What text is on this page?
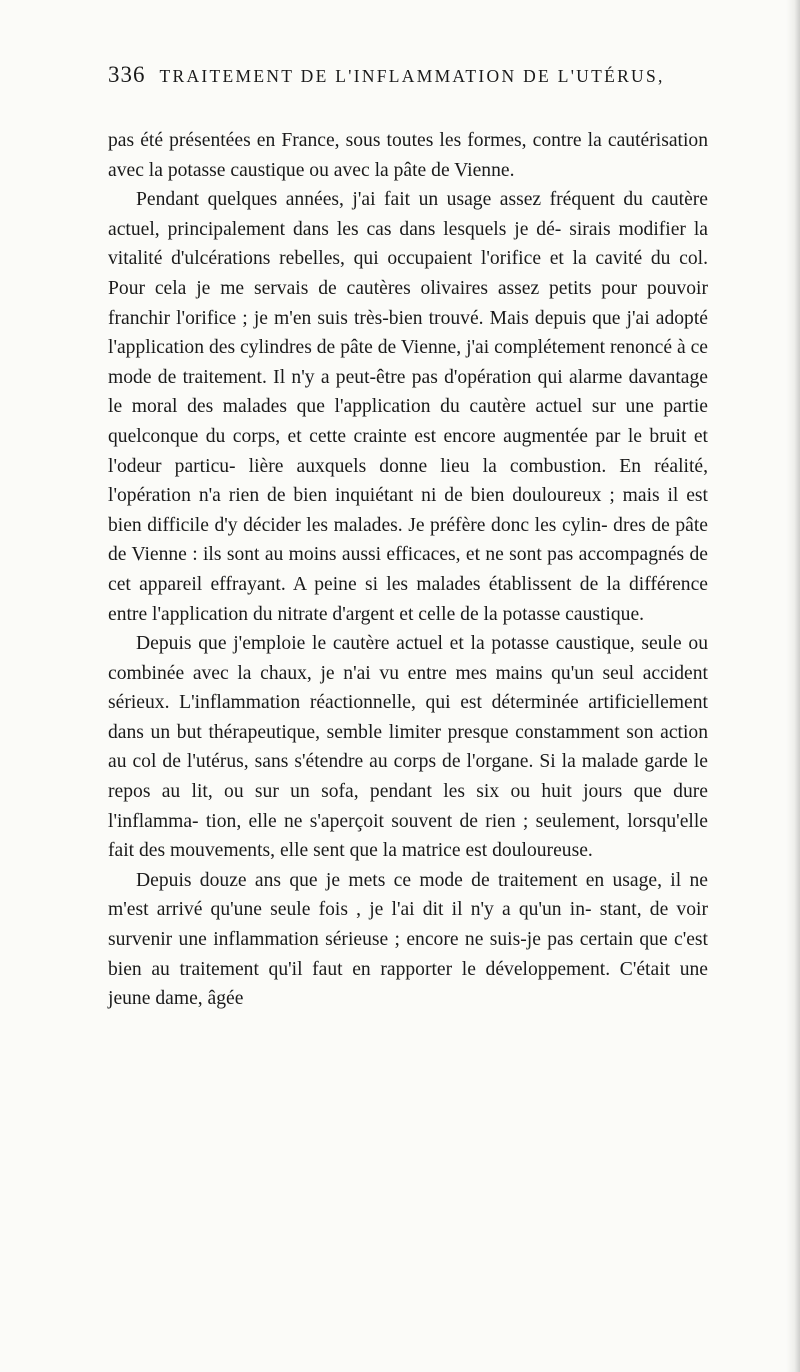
336 TRAITEMENT DE L'INFLAMMATION DE L'UTÉRUS,

pas été présentées en France, sous toutes les formes, contre la cautérisation avec la potasse caustique ou avec la pâte de Vienne.

Pendant quelques années, j'ai fait un usage assez fréquent du cautère actuel, principalement dans les cas dans lesquels je dé- sirais modifier la vitalité d'ulcérations rebelles, qui occupaient l'orifice et la cavité du col. Pour cela je me servais de cautères olivaires assez petits pour pouvoir franchir l'orifice ; je m'en suis très-bien trouvé. Mais depuis que j'ai adopté l'application des cylindres de pâte de Vienne, j'ai complétement renoncé à ce mode de traitement. Il n'y a peut-être pas d'opération qui alarme davantage le moral des malades que l'application du cautère actuel sur une partie quelconque du corps, et cette crainte est encore augmentée par le bruit et l'odeur particu- lière auxquels donne lieu la combustion. En réalité, l'opération n'a rien de bien inquiétant ni de bien douloureux ; mais il est bien difficile d'y décider les malades. Je préfère donc les cylin- dres de pâte de Vienne : ils sont au moins aussi efficaces, et ne sont pas accompagnés de cet appareil effrayant. A peine si les malades établissent de la différence entre l'application du nitrate d'argent et celle de la potasse caustique.

Depuis que j'emploie le cautère actuel et la potasse caustique, seule ou combinée avec la chaux, je n'ai vu entre mes mains qu'un seul accident sérieux. L'inflammation réactionnelle, qui est déterminée artificiellement dans un but thérapeutique, semble limiter presque constamment son action au col de l'utérus, sans s'étendre au corps de l'organe. Si la malade garde le repos au lit, ou sur un sofa, pendant les six ou huit jours que dure l'inflamma- tion, elle ne s'aperçoit souvent de rien ; seulement, lorsqu'elle fait des mouvements, elle sent que la matrice est douloureuse.

Depuis douze ans que je mets ce mode de traitement en usage, il ne m'est arrivé qu'une seule fois , je l'ai dit il n'y a qu'un in- stant, de voir survenir une inflammation sérieuse ; encore ne suis-je pas certain que c'est bien au traitement qu'il faut en rapporter le développement. C'était une jeune dame, âgée
